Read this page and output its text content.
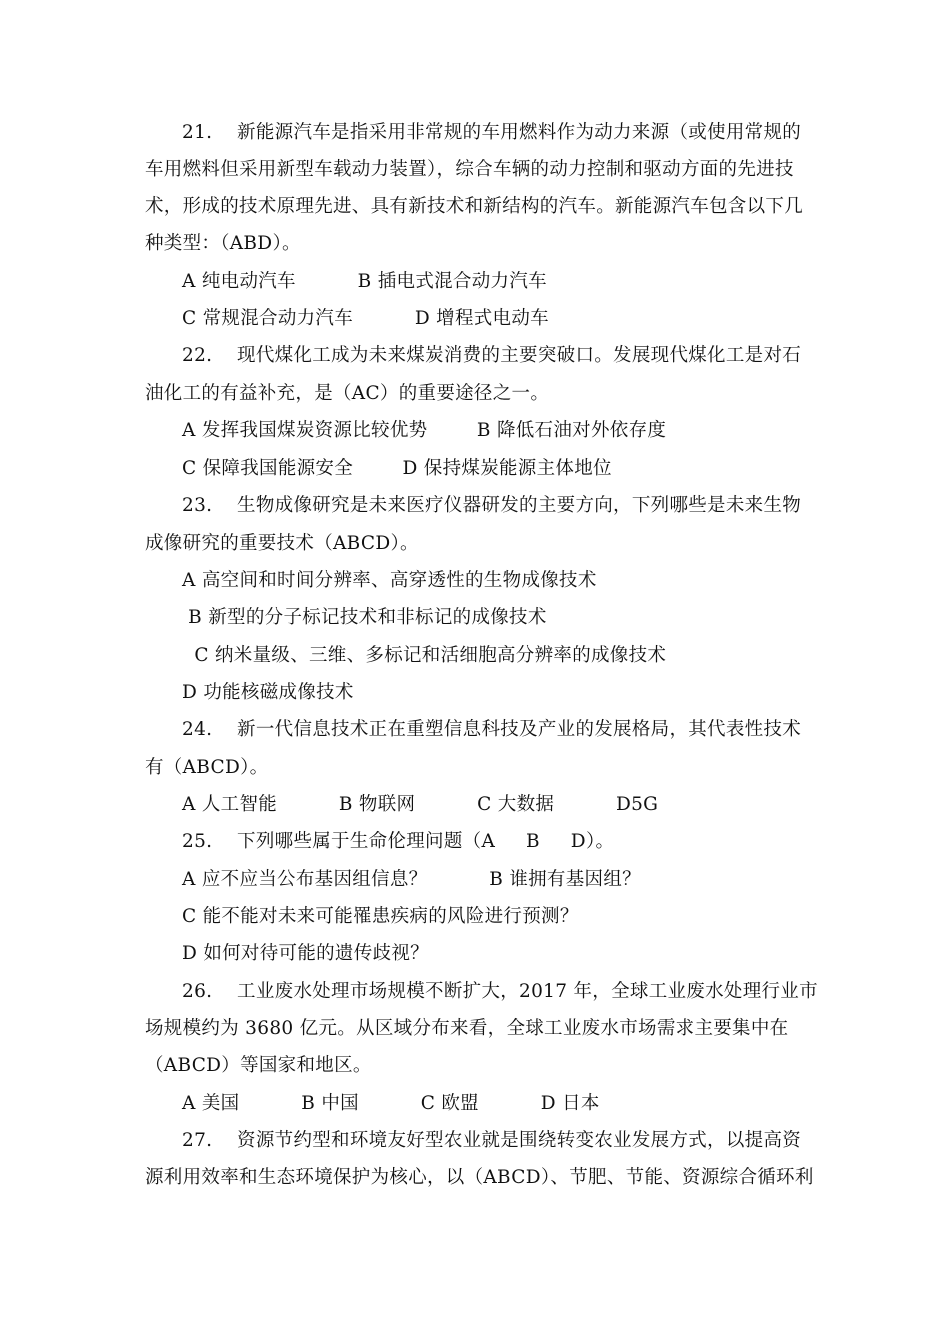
21.    新能源汽车是指采用非常规的车用燃料作为动力来源（或使用常规的
车用燃料但采用新型车载动力装置），综合车辆的动力控制和驱动方面的先进技
术，形成的技术原理先进、具有新技术和新结构的汽车。新能源汽车包含以下几
种类型：（ABD）。
A 纯电动汽车          B 插电式混合动力汽车
C 常规混合动力汽车          D 增程式电动车
22.    现代煤化工成为未来煤炭消费的主要突破口。发展现代煤化工是对石
油化工的有益补充，是（AC）的重要途径之一。
A 发挥我国煤炭资源比较优势        B 降低石油对外依存度
C 保障我国能源安全        D 保持煤炭能源主体地位
23.    生物成像研究是未来医疗仪器研发的主要方向，下列哪些是未来生物
成像研究的重要技术（ABCD）。
A 高空间和时间分辨率、高穿透性的生物成像技术
B 新型的分子标记技术和非标记的成像技术
C 纳米量级、三维、多标记和活细胞高分辨率的成像技术
D 功能核磁成像技术
24.    新一代信息技术正在重塑信息科技及产业的发展格局，其代表性技术
有（ABCD）。
A 人工智能          B 物联网          C 大数据          D5G
25.    下列哪些属于生命伦理问题（A     B     D）。
A 应不应当公布基因组信息？          B 谁拥有基因组？
C 能不能对未来可能罹患疾病的风险进行预测？
D 如何对待可能的遗传歧视？
26.    工业废水处理市场规模不断扩大，2017 年，全球工业废水处理行业市
场规模约为 3680 亿元。从区域分布来看，全球工业废水市场需求主要集中在
（ABCD）等国家和地区。
A 美国          B 中国          C 欧盟          D 日本
27.    资源节约型和环境友好型农业就是围绕转变农业发展方式，以提高资
源利用效率和生态环境保护为核心，以（ABCD）、节肥、节能、资源综合循环利
